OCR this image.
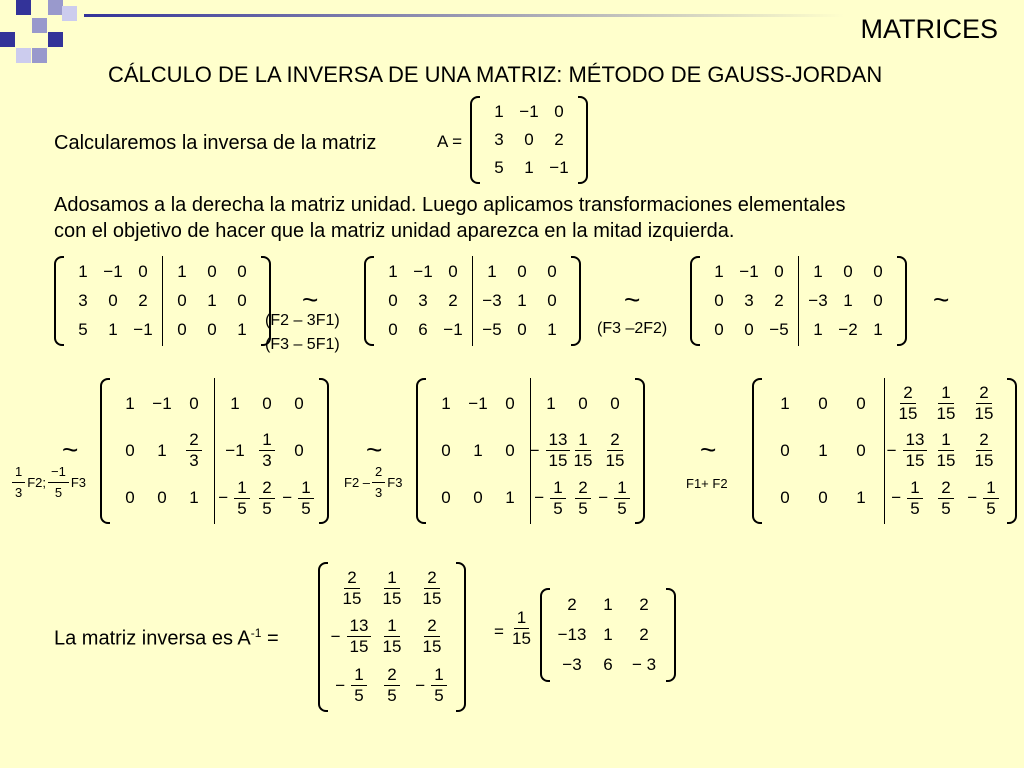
MATRICES
CÁLCULO DE LA INVERSA DE UNA MATRIZ: MÉTODO DE GAUSS-JORDAN
Calcularemos la inversa de la matriz	A =
1 −1 0
3 0 2
5 1 −1
Adosamos a la derecha la matriz unidad. Luego aplicamos transformaciones elementales
con el objetivo de hacer que la matriz unidad aparezca en la mitad izquierda.
1 −1 0
3 0 2
5 1 −1
1 0 0
0 1 0
0 0 1
~
(F2 – 3F1)
(F3 – 5F1)
1 −1 0
0 3 2
0 6 −1
1 0 0
−3 1 0
−5 0 1
~
(F3 –2F2)
1 −1 0
0 3 2
0 0 −5
1 0 0
−3 1 0
1 −2 1
~
~
$\frac{1}{3} F2$; $\frac{-1}{5} F3$
1 −1 0
0 $1 \frac{2}{3}$
0 0 1
1 0 0
$-1 \frac{1}{3} 0$
− $\frac{1}{5} \frac{2}{5} - \frac{1}{5}$
~
$F2 - \frac{2}{3} F3$
1 −1 0
0 1 0
0 0 1
1 0 0
− $\frac{13}{15} \frac{1}{15} \frac{2}{15}$
− $\frac{1}{5} \frac{2}{5} - \frac{1}{5}$
~
F1+ F2
1 0 0
0 1 0
0 0 1
$\frac{2}{15} \frac{1}{15} \frac{2}{15}$
− $\frac{13}{15} \frac{1}{15} \frac{2}{15}$
− $\frac{1}{5} \frac{2}{5} - \frac{1}{5}$
La matriz inversa es $A^{-1}$ =
$\frac{2}{15} \frac{1}{15} \frac{2}{15}$
− $\frac{13}{15} \frac{1}{15} \frac{2}{15}$
− $\frac{1}{5} \frac{2}{5} - \frac{1}{5}$
= $\frac{1}{15}$
2 1 2
−13 1 2
−3 6 − 3
